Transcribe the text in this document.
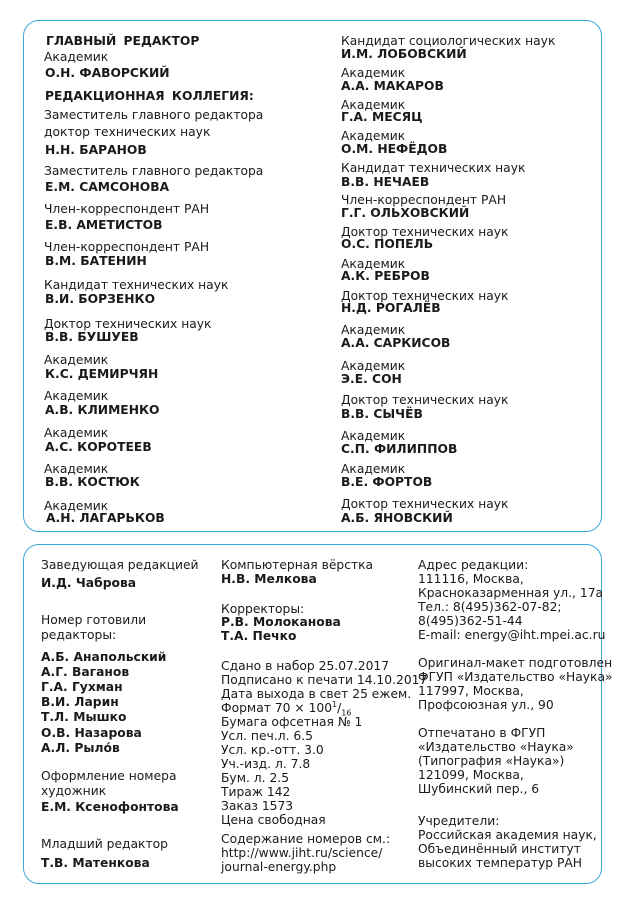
ГЛАВНЫЙ РЕДАКТОР
Академик
О.Н. ФАВОРСКИЙ
РЕДАКЦИОННАЯ КОЛЛЕГИЯ:
Заместитель главного редактора
доктор технических наук
Н.Н. БАРАНОВ
Заместитель главного редактора
Е.М. САМСОНОВА
Член-корреспондент РАН
Е.В. АМЕТИСТОВ
Член-корреспондент РАН
В.М. БАТЕНИН
Кандидат технических наук
В.И. БОРЗЕНКО
Доктор технических наук
В.В. БУШУЕВ
Академик
К.С. ДЕМИРЧЯН
Академик
А.В. КЛИМЕНКО
Академик
А.С. КОРОТЕЕВ
Академик
В.В. КОСТЮК
Академик
А.Н. ЛАГАРЬКОВ
Кандидат социологических наук
И.М. ЛОБОВСКИЙ
Академик
А.А. МАКАРОВ
Академик
Г.А. МЕСЯЦ
Академик
О.М. НЕФЁДОВ
Кандидат технических наук
В.В. НЕЧАЕВ
Член-корреспондент РАН
Г.Г. ОЛЬХОВСКИЙ
Доктор технических наук
О.С. ПОПЕЛЬ
Академик
А.К. РЕБРОВ
Доктор технических наук
Н.Д. РОГАЛЁВ
Академик
А.А. САРКИСОВ
Академик
Э.Е. СОН
Доктор технических наук
В.В. СЫЧЁВ
Академик
С.П. ФИЛИППОВ
Академик
В.Е. ФОРТОВ
Доктор технических наук
А.Б. ЯНОВСКИЙ
Заведующая редакцией
И.Д. Чаброва
Номер готовили
редакторы:
А.Б. Анапольский
А.Г. Ваганов
Г.А. Гухман
В.И. Ларин
Т.Л. Мышко
О.В. Назарова
А.Л. Рыло́в
Оформление номера
художник
Е.М. Ксенофонтова
Младший редактор
Т.В. Матенкова
Компьютерная вёрстка
Н.В. Мелкова
Корректоры:
Р.В. Молоканова
Т.А. Печко
Сдано в набор 25.07.2017
Подписано к печати 14.10.2017
Дата выхода в свет 25 ежем.
Формат $70 \times 100^1/_{16}$
Бумага офсетная № 1
Усл. печ.л. 6.5
Усл. кр.-отт. 3.0
Уч.-изд. л. 7.8
Бум. л. 2.5
Тираж 142
Заказ 1573
Цена свободная
Содержание номеров см.:
http://www.jiht.ru/science/
journal-energy.php
Адрес редакции:
111116, Москва,
Красноказарменная ул., 17а
Тел.: 8(495)362-07-82;
8(495)362-51-44
E-mail: energy@iht.mpei.ac.ru
Оригинал-макет подготовлен
ФГУП «Издательство «Наука»
117997, Москва,
Профсоюзная ул., 90
Отпечатано в ФГУП
«Издательство «Наука»
(Типография «Наука»)
121099, Москва,
Шубинский пер., 6
Учредители:
Российская академия наук,
Объединённый институт
высоких температур РАН
